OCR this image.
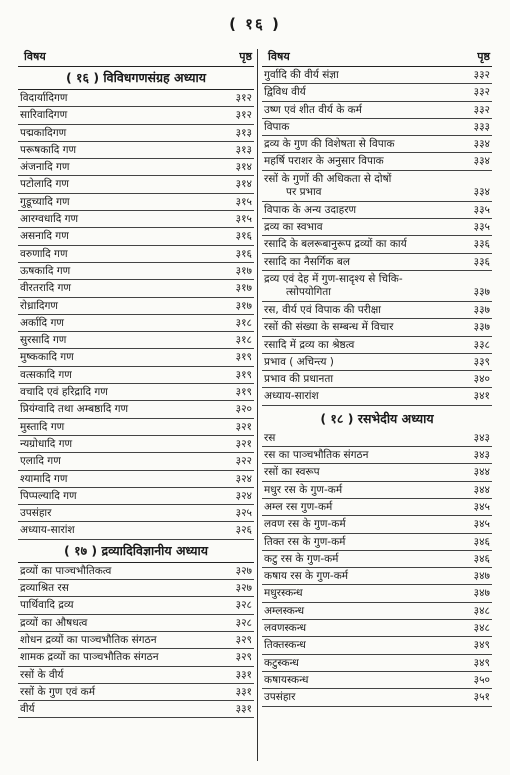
( १६ )
विषय	पृष्ठ
( १६ ) विविधगणसंग्रह अध्याय
विदार्यादिगण	३१२
सारिवादिगण	३१२
पद्मकादिगण	३१३
परूषकादि गण	३१३
अंजनादि गण	३१४
पटोलादि गण	३१४
गुडूच्यादि गण	३१५
आरग्वधादि गण	३१५
असनादि गण	३१६
वरुणादि गण	३१६
ऊषकादि गण	३१७
वीरतरादि गण	३१७
रोध्रादिगण	३१७
अर्कादि गण	३१८
सुरसादि गण	३१८
मुष्ककादि गण	३१९
वत्सकादि गण	३१९
वचादि एवं हरिद्रादि गण	३१९
प्रियंग्वादि तथा अम्बष्ठादि गण	३२०
मुस्तादि गण	३२१
न्यग्रोधादि गण	३२१
एलादि गण	३२२
श्यामादि गण	३२४
पिप्पल्यादि गण	३२४
उपसंहार	३२५
अध्याय-सारांश	३२६
( १७ ) द्रव्यादिविज्ञानीय अध्याय
द्रव्यों का पाञ्चभौतिकत्व	३२७
द्रव्याश्रित रस	३२७
पार्थिवादि द्रव्य	३२८
द्रव्यों का औषधत्व	३२८
शोधन द्रव्यों का पाञ्चभौतिक संगठन	३२९
शामक द्रव्यों का पाञ्चभौतिक संगठन	३२९
रसों के वीर्य	३३१
रसों के गुण एवं कर्म	३३१
वीर्य	३३१
विषय	पृष्ठ
गुर्वादि की वीर्य संज्ञा	३३२
द्विविध वीर्य	३३२
उष्ण एवं शीत वीर्य के कर्म	३३२
विपाक	३३३
द्रव्य के गुण की विशेषता से विपाक	३३४
महर्षि पराशर के अनुसार विपाक	३३४
रसों के गुणों की अधिकता से दोषों
पर प्रभाव
	३३४
विपाक के अन्य उदाहरण	३३५
द्रव्य का स्वभाव	३३५
रसादि के बलरूबानुरूप द्रव्यों का कार्य	३३६
रसादि का नैसर्गिक बल	३३६
द्रव्य एवं देह में गुण-सादृश्य से चिकि-
त्सोपयोगिता
	३३७
रस, वीर्य एवं विपाक की परीक्षा	३३७
रसों की संख्या के सम्बन्ध में विचार	३३७
रसादि में द्रव्य का श्रेष्ठत्व	३३८
प्रभाव ( अचिन्त्य )	३३९
प्रभाव की प्रधानता	३४०
अध्याय-सारांश	३४१
( १८ ) रसभेदीय अध्याय
रस	३४३
रस का पाञ्चभौतिक संगठन	३४३
रसों का स्वरूप	३४४
मधुर रस के गुण-कर्म	३४४
अम्ल रस गुण-कर्म	३४५
लवण रस के गुण-कर्म	३४५
तिक्त रस के गुण-कर्म	३४६
कटु रस के गुण-कर्म	३४६
कषाय रस के गुण-कर्म	३४७
मधुरस्कन्ध	३४७
अम्लस्कन्ध	३४८
लवणस्कन्ध	३४८
तिक्तस्कन्ध	३४९
कटुस्कन्ध	३४९
कषायस्कन्ध	३५०
उपसंहार	३५१
